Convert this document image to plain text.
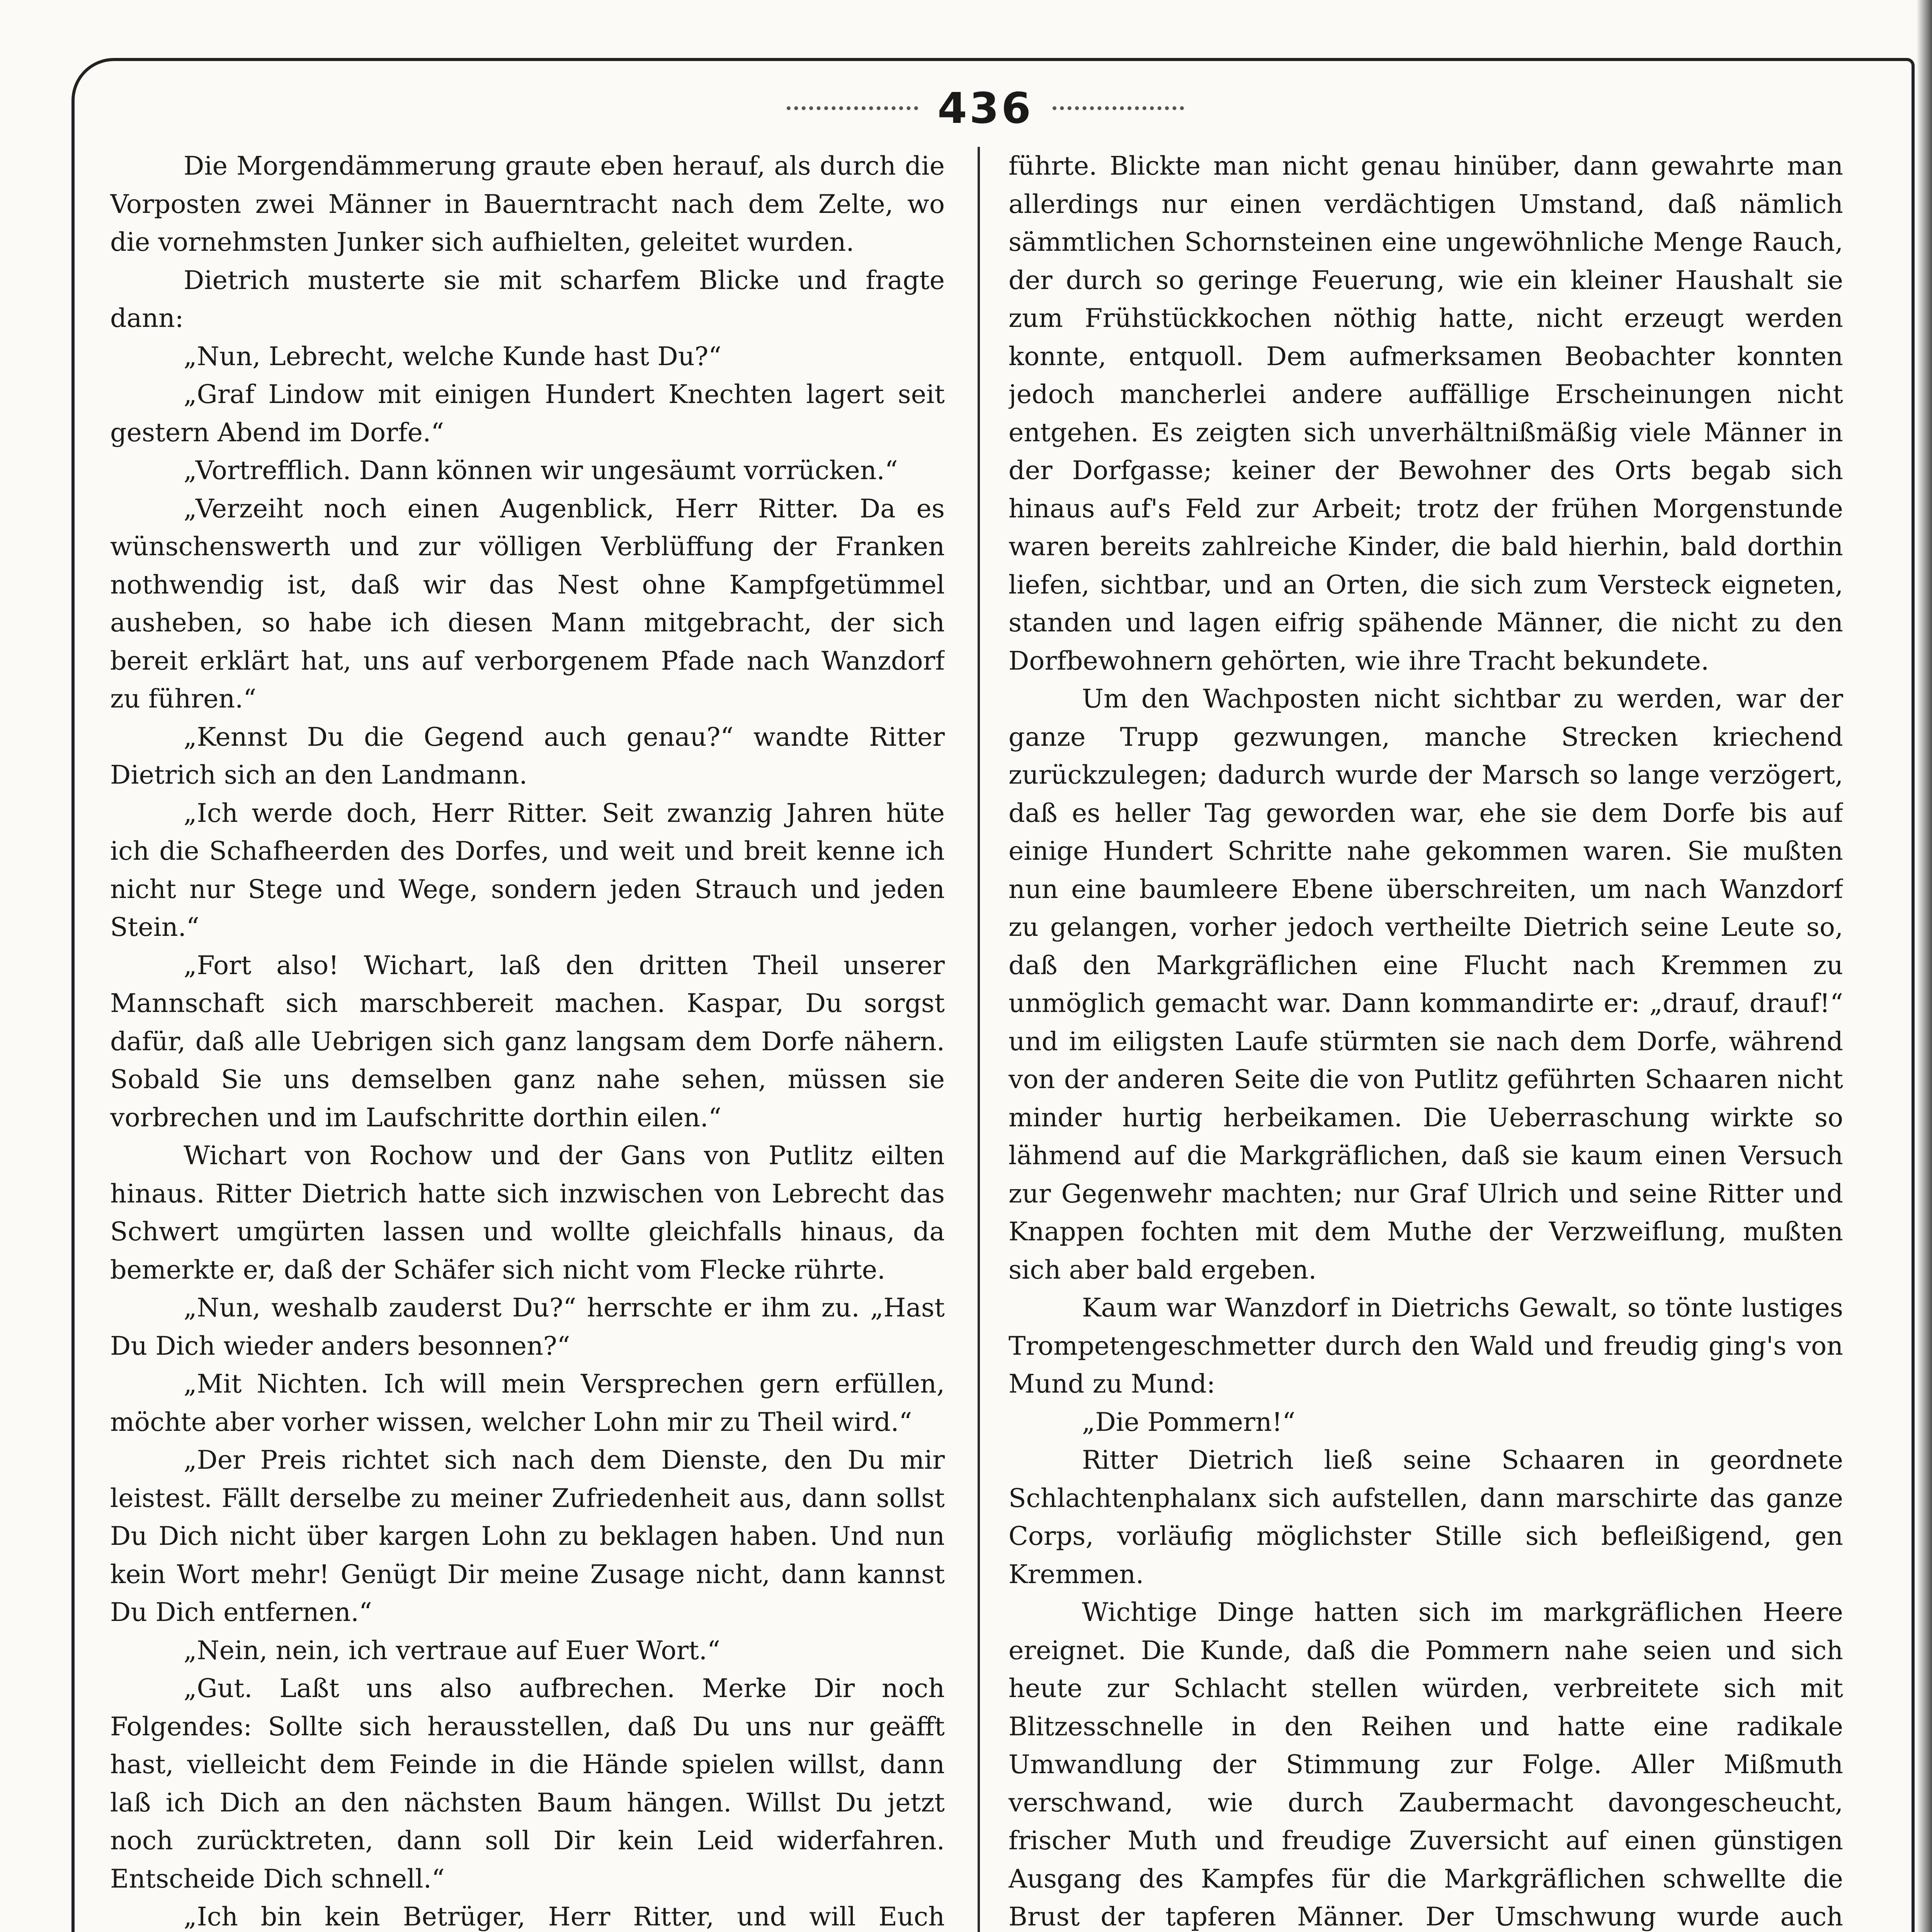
436

Die Morgendämmerung graute eben herauf, als durch die Vorposten zwei Männer in Bauerntracht nach dem Zelte, wo die vornehmsten Junker sich aufhielten, geleitet wurden.

Dietrich musterte sie mit scharfem Blicke und fragte dann:

„Nun, Lebrecht, welche Kunde hast Du?“

„Graf Lindow mit einigen Hundert Knechten lagert seit gestern Abend im Dorfe.“

„Vortrefflich. Dann können wir ungesäumt vorrücken.“

„Verzeiht noch einen Augenblick, Herr Ritter. Da es wünschenswerth und zur völligen Verblüffung der Franken nothwendig ist, daß wir das Nest ohne Kampfgetümmel ausheben, so habe ich diesen Mann mitgebracht, der sich bereit erklärt hat, uns auf verborgenem Pfade nach Wanzdorf zu führen.“

„Kennst Du die Gegend auch genau?“ wandte Ritter Dietrich sich an den Landmann.

„Ich werde doch, Herr Ritter. Seit zwanzig Jahren hüte ich die Schafheerden des Dorfes, und weit und breit kenne ich nicht nur Stege und Wege, sondern jeden Strauch und jeden Stein.“

„Fort also! Wichart, laß den dritten Theil unserer Mannschaft sich marschbereit machen. Kaspar, Du sorgst dafür, daß alle Uebrigen sich ganz langsam dem Dorfe nähern. Sobald Sie uns demselben ganz nahe sehen, müssen sie vorbrechen und im Laufschritte dorthin eilen.“

Wichart von Rochow und der Gans von Putlitz eilten hinaus. Ritter Dietrich hatte sich inzwischen von Lebrecht das Schwert umgürten lassen und wollte gleichfalls hinaus, da bemerkte er, daß der Schäfer sich nicht vom Flecke rührte.

„Nun, weshalb zauderst Du?“ herrschte er ihm zu. „Hast Du Dich wieder anders besonnen?“

„Mit Nichten. Ich will mein Versprechen gern erfüllen, möchte aber vorher wissen, welcher Lohn mir zu Theil wird.“

„Der Preis richtet sich nach dem Dienste, den Du mir leistest. Fällt derselbe zu meiner Zufriedenheit aus, dann sollst Du Dich nicht über kargen Lohn zu beklagen haben. Und nun kein Wort mehr! Genügt Dir meine Zusage nicht, dann kannst Du Dich entfernen.“

„Nein, nein, ich vertraue auf Euer Wort.“

„Gut. Laßt uns also aufbrechen. Merke Dir noch Folgendes: Sollte sich herausstellen, daß Du uns nur geäfft hast, vielleicht dem Feinde in die Hände spielen willst, dann laß ich Dich an den nächsten Baum hängen. Willst Du jetzt noch zurücktreten, dann soll Dir kein Leid widerfahren. Entscheide Dich schnell.“

„Ich bin kein Betrüger, Herr Ritter, und will Euch

führte. Blickte man nicht genau hinüber, dann gewahrte man allerdings nur einen verdächtigen Umstand, daß nämlich sämmtlichen Schornsteinen eine ungewöhnliche Menge Rauch, der durch so geringe Feuerung, wie ein kleiner Haushalt sie zum Frühstückkochen nöthig hatte, nicht erzeugt werden konnte, entquoll. Dem aufmerksamen Beobachter konnten jedoch mancherlei andere auffällige Erscheinungen nicht entgehen. Es zeigten sich unverhältnißmäßig viele Männer in der Dorfgasse; keiner der Bewohner des Orts begab sich hinaus auf's Feld zur Arbeit; trotz der frühen Morgenstunde waren bereits zahlreiche Kinder, die bald hierhin, bald dorthin liefen, sichtbar, und an Orten, die sich zum Versteck eigneten, standen und lagen eifrig spähende Männer, die nicht zu den Dorfbewohnern gehörten, wie ihre Tracht bekundete.

Um den Wachposten nicht sichtbar zu werden, war der ganze Trupp gezwungen, manche Strecken kriechend zurückzulegen; dadurch wurde der Marsch so lange verzögert, daß es heller Tag geworden war, ehe sie dem Dorfe bis auf einige Hundert Schritte nahe gekommen waren. Sie mußten nun eine baumleere Ebene überschreiten, um nach Wanzdorf zu gelangen, vorher jedoch vertheilte Dietrich seine Leute so, daß den Markgräflichen eine Flucht nach Kremmen zu unmöglich gemacht war. Dann kommandirte er: „drauf, drauf!“ und im eiligsten Laufe stürmten sie nach dem Dorfe, während von der anderen Seite die von Putlitz geführten Schaaren nicht minder hurtig herbeikamen. Die Ueberraschung wirkte so lähmend auf die Markgräflichen, daß sie kaum einen Versuch zur Gegenwehr machten; nur Graf Ulrich und seine Ritter und Knappen fochten mit dem Muthe der Verzweiflung, mußten sich aber bald ergeben.

Kaum war Wanzdorf in Dietrichs Gewalt, so tönte lustiges Trompetengeschmetter durch den Wald und freudig ging's von Mund zu Mund:

„Die Pommern!“

Ritter Dietrich ließ seine Schaaren in geordnete Schlachtenphalanx sich aufstellen, dann marschirte das ganze Corps, vorläufig möglichster Stille sich befleißigend, gen Kremmen.

Wichtige Dinge hatten sich im markgräflichen Heere ereignet. Die Kunde, daß die Pommern nahe seien und sich heute zur Schlacht stellen würden, verbreitete sich mit Blitzesschnelle in den Reihen und hatte eine radikale Umwandlung der Stimmung zur Folge. Aller Mißmuth verschwand, wie durch Zaubermacht davongescheucht, frischer Muth und freudige Zuversicht auf einen günstigen Ausgang des Kampfes für die Markgräflichen schwellte die Brust der tapferen Männer. Der Umschwung wurde auch
